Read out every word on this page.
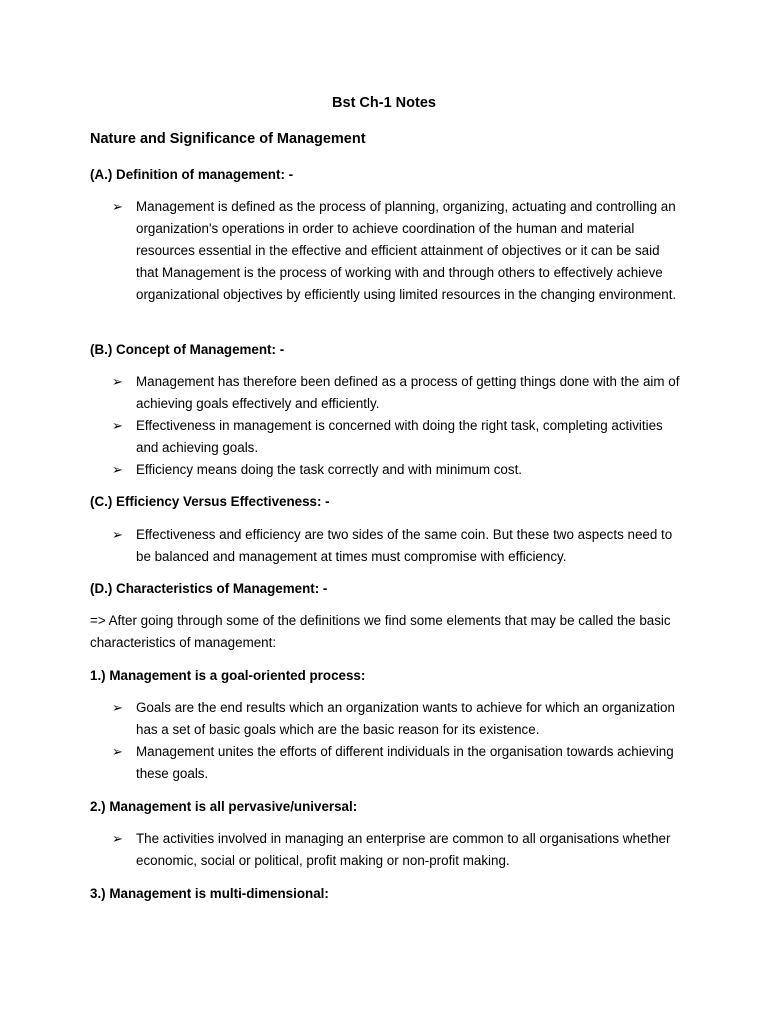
Bst Ch-1 Notes
Nature and Significance of Management
(A.) Definition of management: -
➢ Management is defined as the process of planning, organizing, actuating and controlling an organization's operations in order to achieve coordination of the human and material resources essential in the effective and efficient attainment of objectives or it can be said that Management is the process of working with and through others to effectively achieve organizational objectives by efficiently using limited resources in the changing environment.
(B.) Concept of Management: -
➢ Management has therefore been defined as a process of getting things done with the aim of achieving goals effectively and efficiently.
➢ Effectiveness in management is concerned with doing the right task, completing activities and achieving goals.
➢ Efficiency means doing the task correctly and with minimum cost.
(C.) Efficiency Versus Effectiveness: -
➢ Effectiveness and efficiency are two sides of the same coin. But these two aspects need to be balanced and management at times must compromise with efficiency.
(D.) Characteristics of Management: -
=> After going through some of the definitions we find some elements that may be called the basic characteristics of management:
1.) Management is a goal-oriented process:
➢ Goals are the end results which an organization wants to achieve for which an organization has a set of basic goals which are the basic reason for its existence.
➢ Management unites the efforts of different individuals in the organisation towards achieving these goals.
2.) Management is all pervasive/universal:
➢ The activities involved in managing an enterprise are common to all organisations whether economic, social or political, profit making or non-profit making.
3.) Management is multi-dimensional:
